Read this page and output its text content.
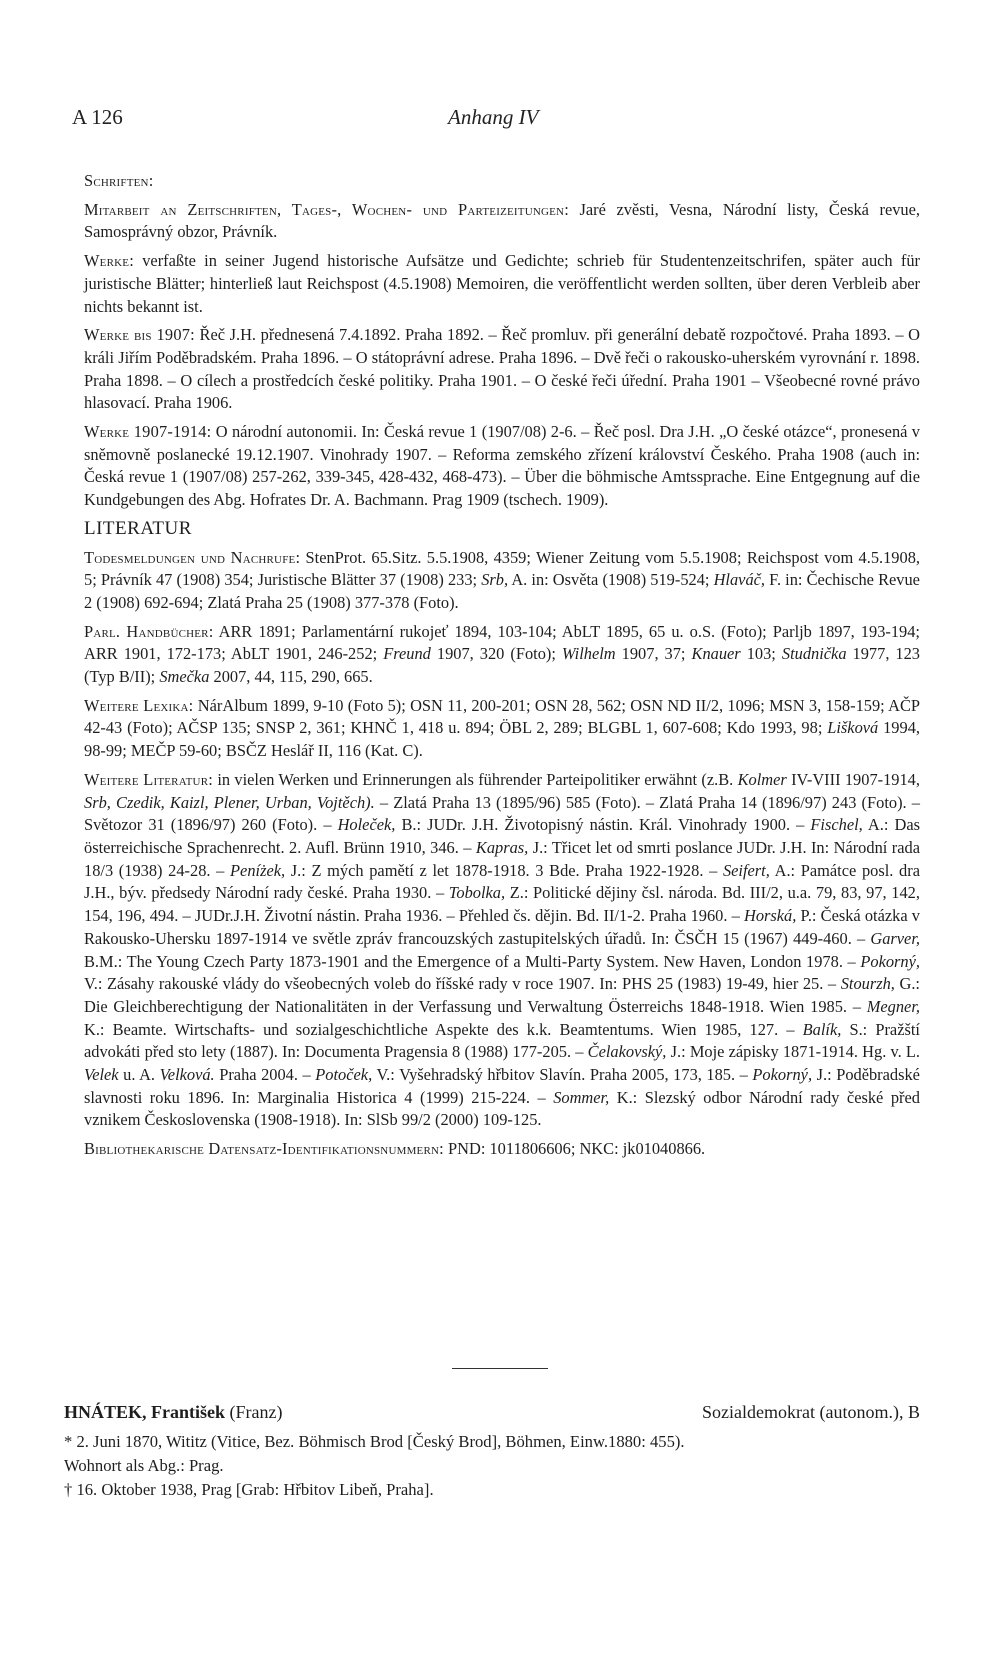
A 126	Anhang IV

Schriften:

Mitarbeit an Zeitschriften, Tages-, Wochen- und Parteizeitungen: Jaré zvěsti, Vesna, Národní listy, Česká revue, Samosprávný obzor, Právník.

Werke: verfaßte in seiner Jugend historische Aufsätze und Gedichte; schrieb für Studentenzeitschrifen, später auch für juristische Blätter; hinterließ laut Reichspost (4.5.1908) Memoiren, die veröffentlicht werden sollten, über deren Verbleib aber nichts bekannt ist.

Werke bis 1907: Řeč J.H. přednesená 7.4.1892. Praha 1892. – Řeč promluv. při generální debatě rozpočtové. Praha 1893. – O králi Jiřím Poděbradském. Praha 1896. – O státoprávní adrese. Praha 1896. – Dvě řeči o rakousko-uherském vyrovnání r. 1898. Praha 1898. – O cílech a prostředcích české politiky. Praha 1901. – O české řeči úřední. Praha 1901 – Všeobecné rovné právo hlasovací. Praha 1906.

Werke 1907-1914: O národní autonomii. In: Česká revue 1 (1907/08) 2-6. – Řeč posl. Dra J.H. „O české otázce“, pronesená v sněmovně poslanecké 19.12.1907. Vinohrady 1907. – Reforma zemského zřízení království Českého. Praha 1908 (auch in: Česká revue 1 (1907/08) 257-262, 339-345, 428-432, 468-473). – Über die böhmische Amtssprache. Eine Entgegnung auf die Kundgebungen des Abg. Hofrates Dr. A. Bachmann. Prag 1909 (tschech. 1909).

LITERATUR

Todesmeldungen und Nachrufe: StenProt. 65.Sitz. 5.5.1908, 4359; Wiener Zeitung vom 5.5.1908; Reichspost vom 4.5.1908, 5; Právník 47 (1908) 354; Juristische Blätter 37 (1908) 233; Srb, A. in: Osvěta (1908) 519-524; Hlaváč, F. in: Čechische Revue 2 (1908) 692-694; Zlatá Praha 25 (1908) 377-378 (Foto).

Parl. Handbücher: ARR 1891; Parlamentární rukojeť 1894, 103-104; AbLT 1895, 65 u. o.S. (Foto); Parljb 1897, 193-194; ARR 1901, 172-173; AbLT 1901, 246-252; Freund 1907, 320 (Foto); Wilhelm 1907, 37; Knauer 103; Studnička 1977, 123 (Typ B/II); Smečka 2007, 44, 115, 290, 665.

Weitere Lexika: NárAlbum 1899, 9-10 (Foto 5); OSN 11, 200-201; OSN 28, 562; OSN ND II/2, 1096; MSN 3, 158-159; AČP 42-43 (Foto); AČSP 135; SNSP 2, 361; KHNČ 1, 418 u. 894; ÖBL 2, 289; BLGBL 1, 607-608; Kdo 1993, 98; Lišková 1994, 98-99; MEČP 59-60; BSČZ Heslář II, 116 (Kat. C).

Weitere Literatur: in vielen Werken und Erinnerungen als führender Parteipolitiker erwähnt (z.B. Kolmer IV-VIII 1907-1914, Srb, Czedik, Kaizl, Plener, Urban, Vojtěch). – Zlatá Praha 13 (1895/96) 585 (Foto). – Zlatá Praha 14 (1896/97) 243 (Foto). – Světozor 31 (1896/97) 260 (Foto). – Holeček, B.: JUDr. J.H. Životopisný nástin. Král. Vinohrady 1900. – Fischel, A.: Das österreichische Sprachenrecht. 2. Aufl. Brünn 1910, 346. – Kapras, J.: Třicet let od smrti poslance JUDr. J.H. In: Národní rada 18/3 (1938) 24-28. – Peníżek, J.: Z mých pamětí z let 1878-1918. 3 Bde. Praha 1922-1928. – Seifert, A.: Památce posl. dra J.H., býv. předsedy Národní rady české. Praha 1930. – Tobolka, Z.: Politické dějiny čsl. národa. Bd. III/2, u.a. 79, 83, 97, 142, 154, 196, 494. – JUDr.J.H. Životní nástin. Praha 1936. – Přehled čs. dějin. Bd. II/1-2. Praha 1960. – Horská, P.: Česká otázka v Rakousko-Uhersku 1897-1914 ve světle zpráv francouzských zastupitelských úřadů. In: ČSČH 15 (1967) 449-460. – Garver, B.M.: The Young Czech Party 1873-1901 and the Emergence of a Multi-Party System. New Haven, London 1978. – Pokorný, V.: Zásahy rakouské vlády do všeobecných voleb do říšské rady v roce 1907. In: PHS 25 (1983) 19-49, hier 25. – Stourzh, G.: Die Gleichberechtigung der Nationalitäten in der Verfassung und Verwaltung Österreichs 1848-1918. Wien 1985. – Megner, K.: Beamte. Wirtschafts- und sozialgeschichtliche Aspekte des k.k. Beamtentums. Wien 1985, 127. – Balík, S.: Pražští advokáti před sto lety (1887). In: Documenta Pragensia 8 (1988) 177-205. – Čelakovský, J.: Moje zápisky 1871-1914. Hg. v. L. Velek u. A. Velková. Praha 2004. – Potoček, V.: Vyšehradský hřbitov Slavín. Praha 2005, 173, 185. – Pokorný, J.: Poděbradské slavnosti roku 1896. In: Marginalia Historica 4 (1999) 215-224. – Sommer, K.: Slezský odbor Národní rady české před vznikem Československa (1908-1918). In: SlSb 99/2 (2000) 109-125.

Bibliothekarische Datensatz-Identifikationsnummern: PND: 1011806606; NKC: jk01040866.

HNÁTEK, František (Franz)	Sozialdemokrat (autonom.), B
* 2. Juni 1870, Wititz (Vitice, Bez. Böhmisch Brod [Český Brod], Böhmen, Einw.1880: 455).
Wohnort als Abg.: Prag.
† 16. Oktober 1938, Prag [Grab: Hřbitov Libeň, Praha].
